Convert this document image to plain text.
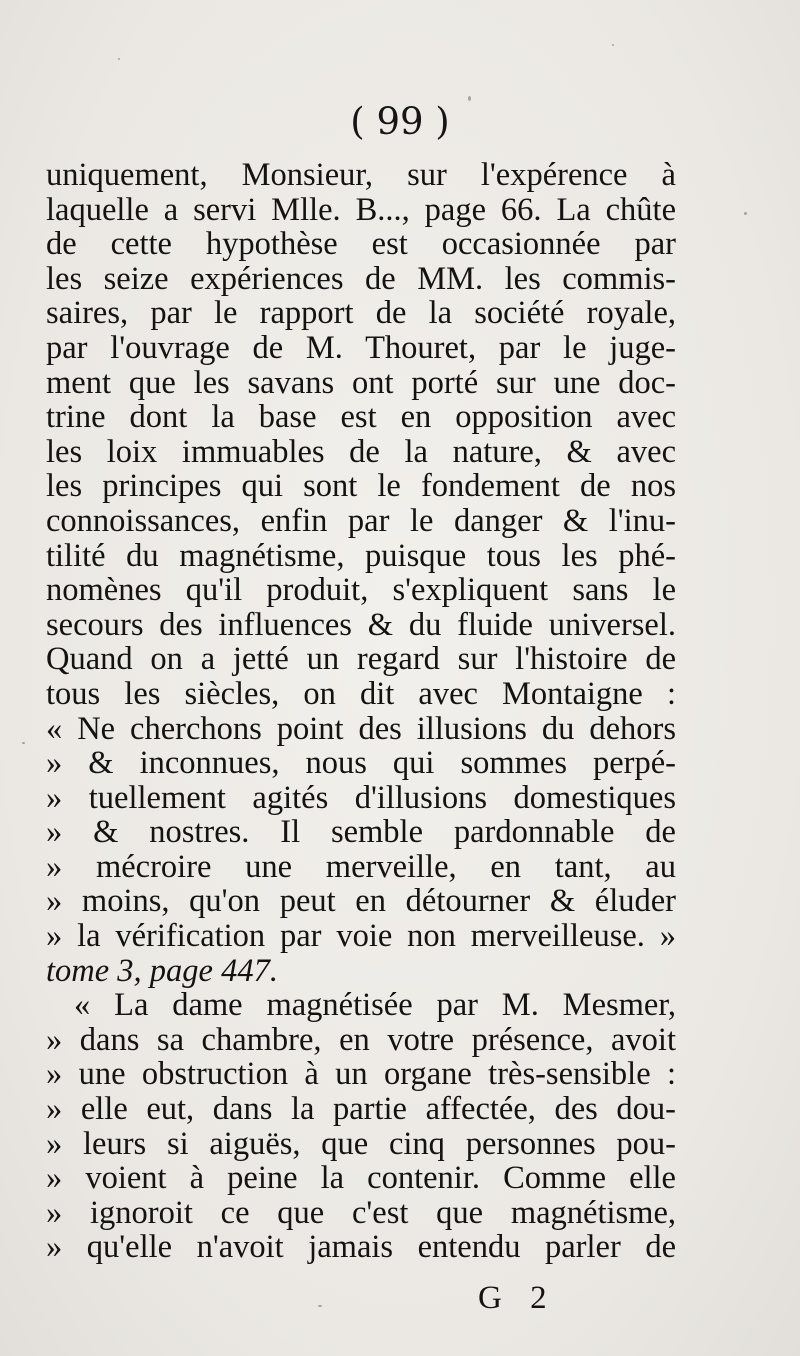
( 99 )
uniquement, Monsieur, sur l'expérence à
laquelle a servi Mlle. B..., page 66. La chûte
de cette hypothèse est occasionnée par
les seize expériences de MM. les commis-
saires, par le rapport de la société royale,
par l'ouvrage de M. Thouret, par le juge-
ment que les savans ont porté sur une doc-
trine dont la base est en opposition avec
les loix immuables de la nature, & avec
les principes qui sont le fondement de nos
connoissances, enfin par le danger & l'inu-
tilité du magnétisme, puisque tous les phé-
nomènes qu'il produit, s'expliquent sans le
secours des influences & du fluide universel.
Quand on a jetté un regard sur l'histoire de
tous les siècles, on dit avec Montaigne :
« Ne cherchons point des illusions du dehors
» & inconnues, nous qui sommes perpé-
» tuellement agités d'illusions domestiques
» & nostres. Il semble pardonnable de
» mécroire une merveille, en tant, au
» moins, qu'on peut en détourner & éluder
» la vérification par voie non merveilleuse. »
tome 3, page 447.
« La dame magnétisée par M. Mesmer,
» dans sa chambre, en votre présence, avoit
» une obstruction à un organe très-sensible :
» elle eut, dans la partie affectée, des dou-
» leurs si aiguës, que cinq personnes pou-
» voient à peine la contenir. Comme elle
» ignoroit ce que c'est que magnétisme,
» qu'elle n'avoit jamais entendu parler de
G 2
